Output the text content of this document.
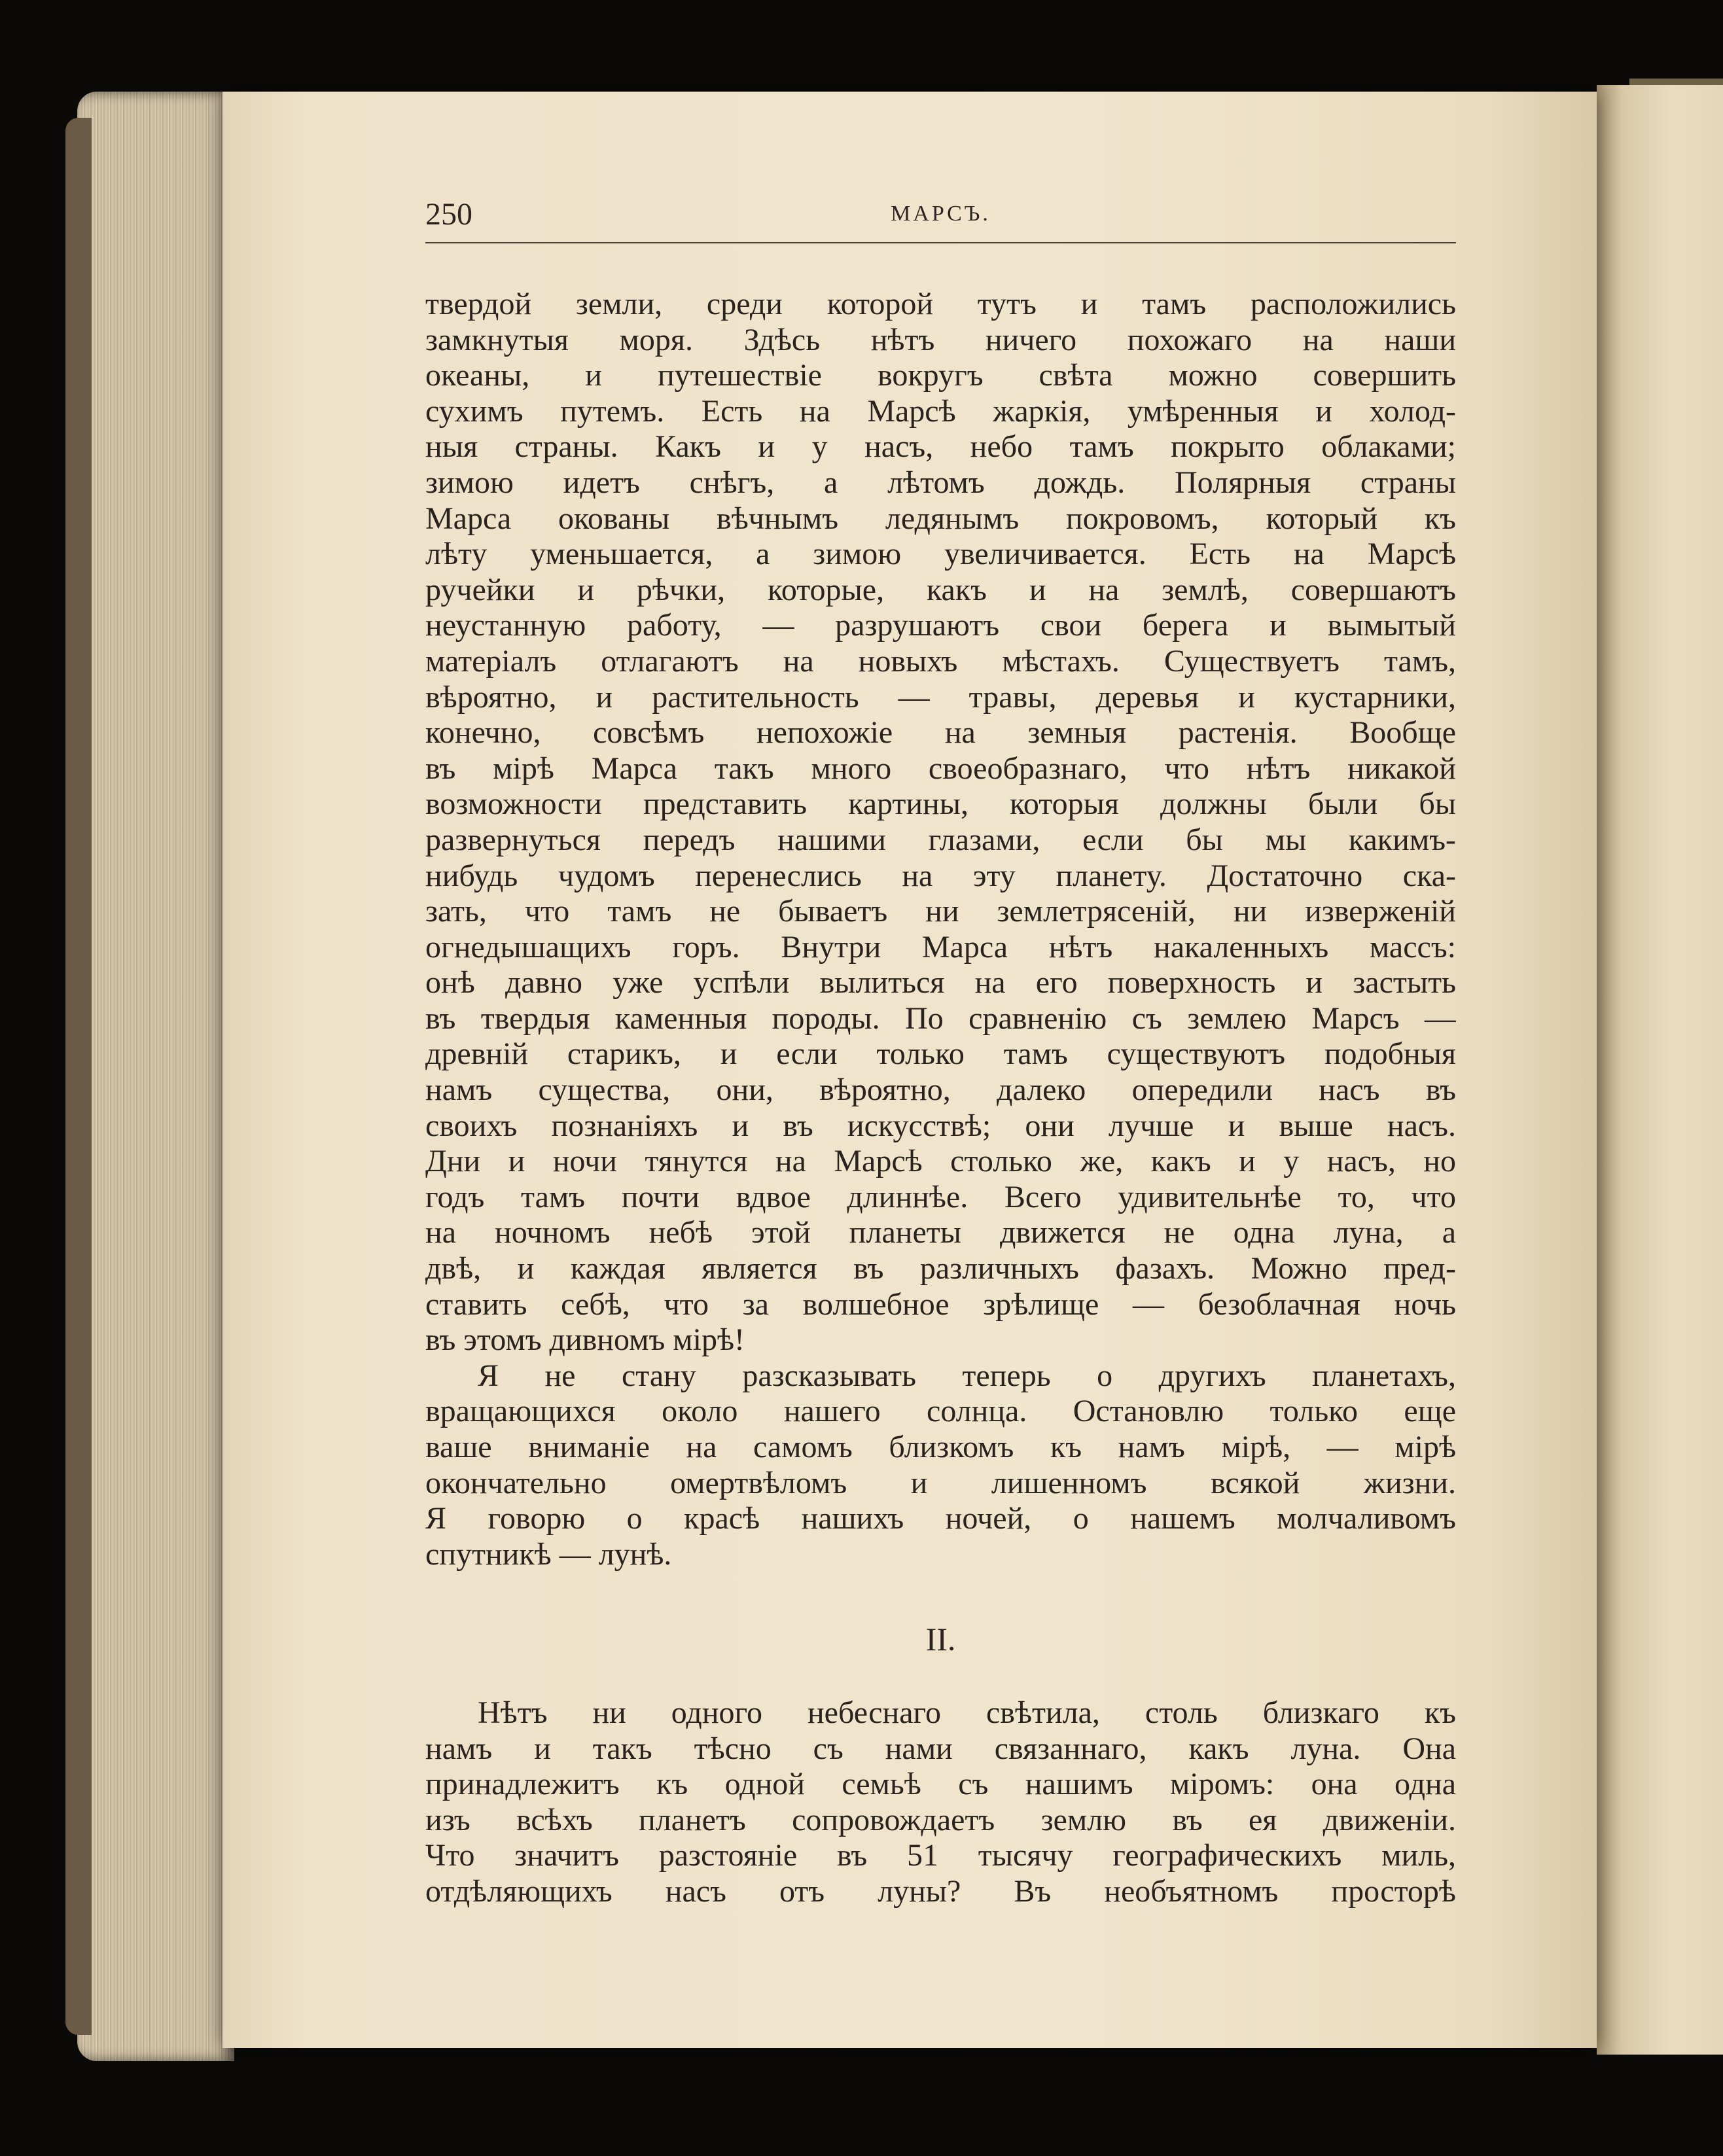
250	МАРСЪ.
твердой земли, среди которой тутъ и тамъ расположились
замкнутыя моря. Здѣсь нѣтъ ничего похожаго на наши
океаны, и путешествіе вокругъ свѣта можно совершить
сухимъ путемъ. Есть на Марсѣ жаркія, умѣренныя и холод-
ныя страны. Какъ и у насъ, небо тамъ покрыто облаками;
зимою идетъ снѣгъ, а лѣтомъ дождь. Полярныя страны
Марса окованы вѣчнымъ ледянымъ покровомъ, который къ
лѣту уменьшается, а зимою увеличивается. Есть на Марсѣ
ручейки и рѣчки, которые, какъ и на землѣ, совершаютъ
неустанную работу, — разрушаютъ свои берега и вымытый
матеріалъ отлагаютъ на новыхъ мѣстахъ. Существуетъ тамъ,
вѣроятно, и растительность — травы, деревья и кустарники,
конечно, совсѣмъ непохожіе на земныя растенія. Вообще
въ мірѣ Марса такъ много своеобразнаго, что нѣтъ никакой
возможности представить картины, которыя должны были бы
развернуться передъ нашими глазами, если бы мы какимъ-
нибудь чудомъ перенеслись на эту планету. Достаточно ска-
зать, что тамъ не бываетъ ни землетрясеній, ни изверженій
огнедышащихъ горъ. Внутри Марса нѣтъ накаленныхъ массъ:
онѣ давно уже успѣли вылиться на его поверхность и застыть
въ твердыя каменныя породы. По сравненію съ землею Марсъ —
древній старикъ, и если только тамъ существуютъ подобныя
намъ существа, они, вѣроятно, далеко опередили насъ въ
своихъ познаніяхъ и въ искусствѣ; они лучше и выше насъ.
Дни и ночи тянутся на Марсѣ столько же, какъ и у насъ, но
годъ тамъ почти вдвое длиннѣе. Всего удивительнѣе то, что
на ночномъ небѣ этой планеты движется не одна луна, а
двѣ, и каждая является въ различныхъ фазахъ. Можно пред-
ставить себѣ, что за волшебное зрѣлище — безоблачная ночь
въ этомъ дивномъ мірѣ!
Я не стану разсказывать теперь о другихъ планетахъ,
вращающихся около нашего солнца. Остановлю только еще
ваше вниманіе на самомъ близкомъ къ намъ мірѣ, — мірѣ
окончательно омертвѣломъ и лишенномъ всякой жизни.
Я говорю о красѣ нашихъ ночей, о нашемъ молчаливомъ
спутникѣ — лунѣ.
II.
Нѣтъ ни одного небеснаго свѣтила, столь близкаго къ
намъ и такъ тѣсно съ нами связаннаго, какъ луна. Она
принадлежитъ къ одной семьѣ съ нашимъ міромъ: она одна
изъ всѣхъ планетъ сопровождаетъ землю въ ея движеніи.
Что значитъ разстояніе въ 51 тысячу географическихъ миль,
отдѣляющихъ насъ отъ луны? Въ необъятномъ просторѣ
